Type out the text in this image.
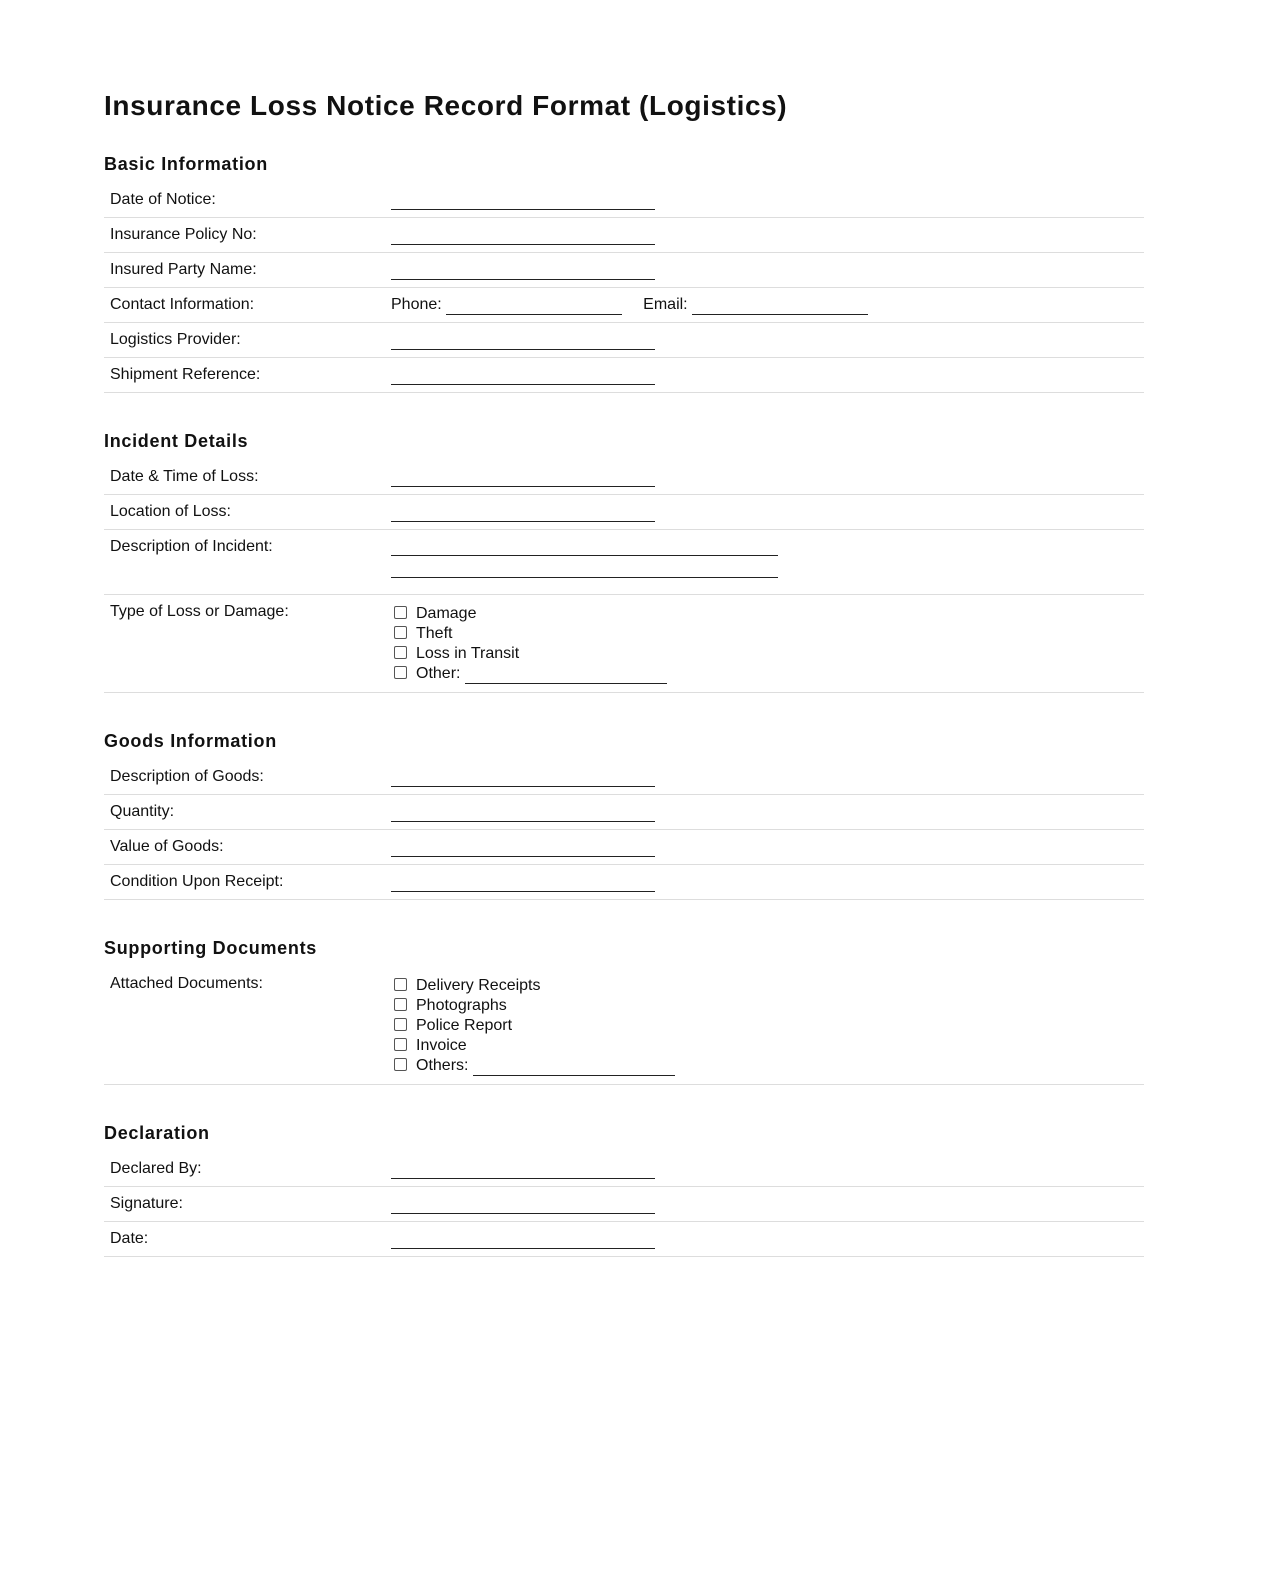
Insurance Loss Notice Record Format (Logistics)
Basic Information
Date of Notice:	
Insurance Policy No:	
Insured Party Name:	
Contact Information:	Phone: Email:
Logistics Provider:	
Shipment Reference:	
Incident Details
Date & Time of Loss:	
Location of Loss:	
Description of Incident:	

Type of Loss or Damage:	Damage
Theft
Loss in Transit
Other:
Goods Information
Description of Goods:	
Quantity:	
Value of Goods:	
Condition Upon Receipt:	
Supporting Documents
Attached Documents:	Delivery Receipts
Photographs
Police Report
Invoice
Others:
Declaration
Declared By:	
Signature:	
Date:	
